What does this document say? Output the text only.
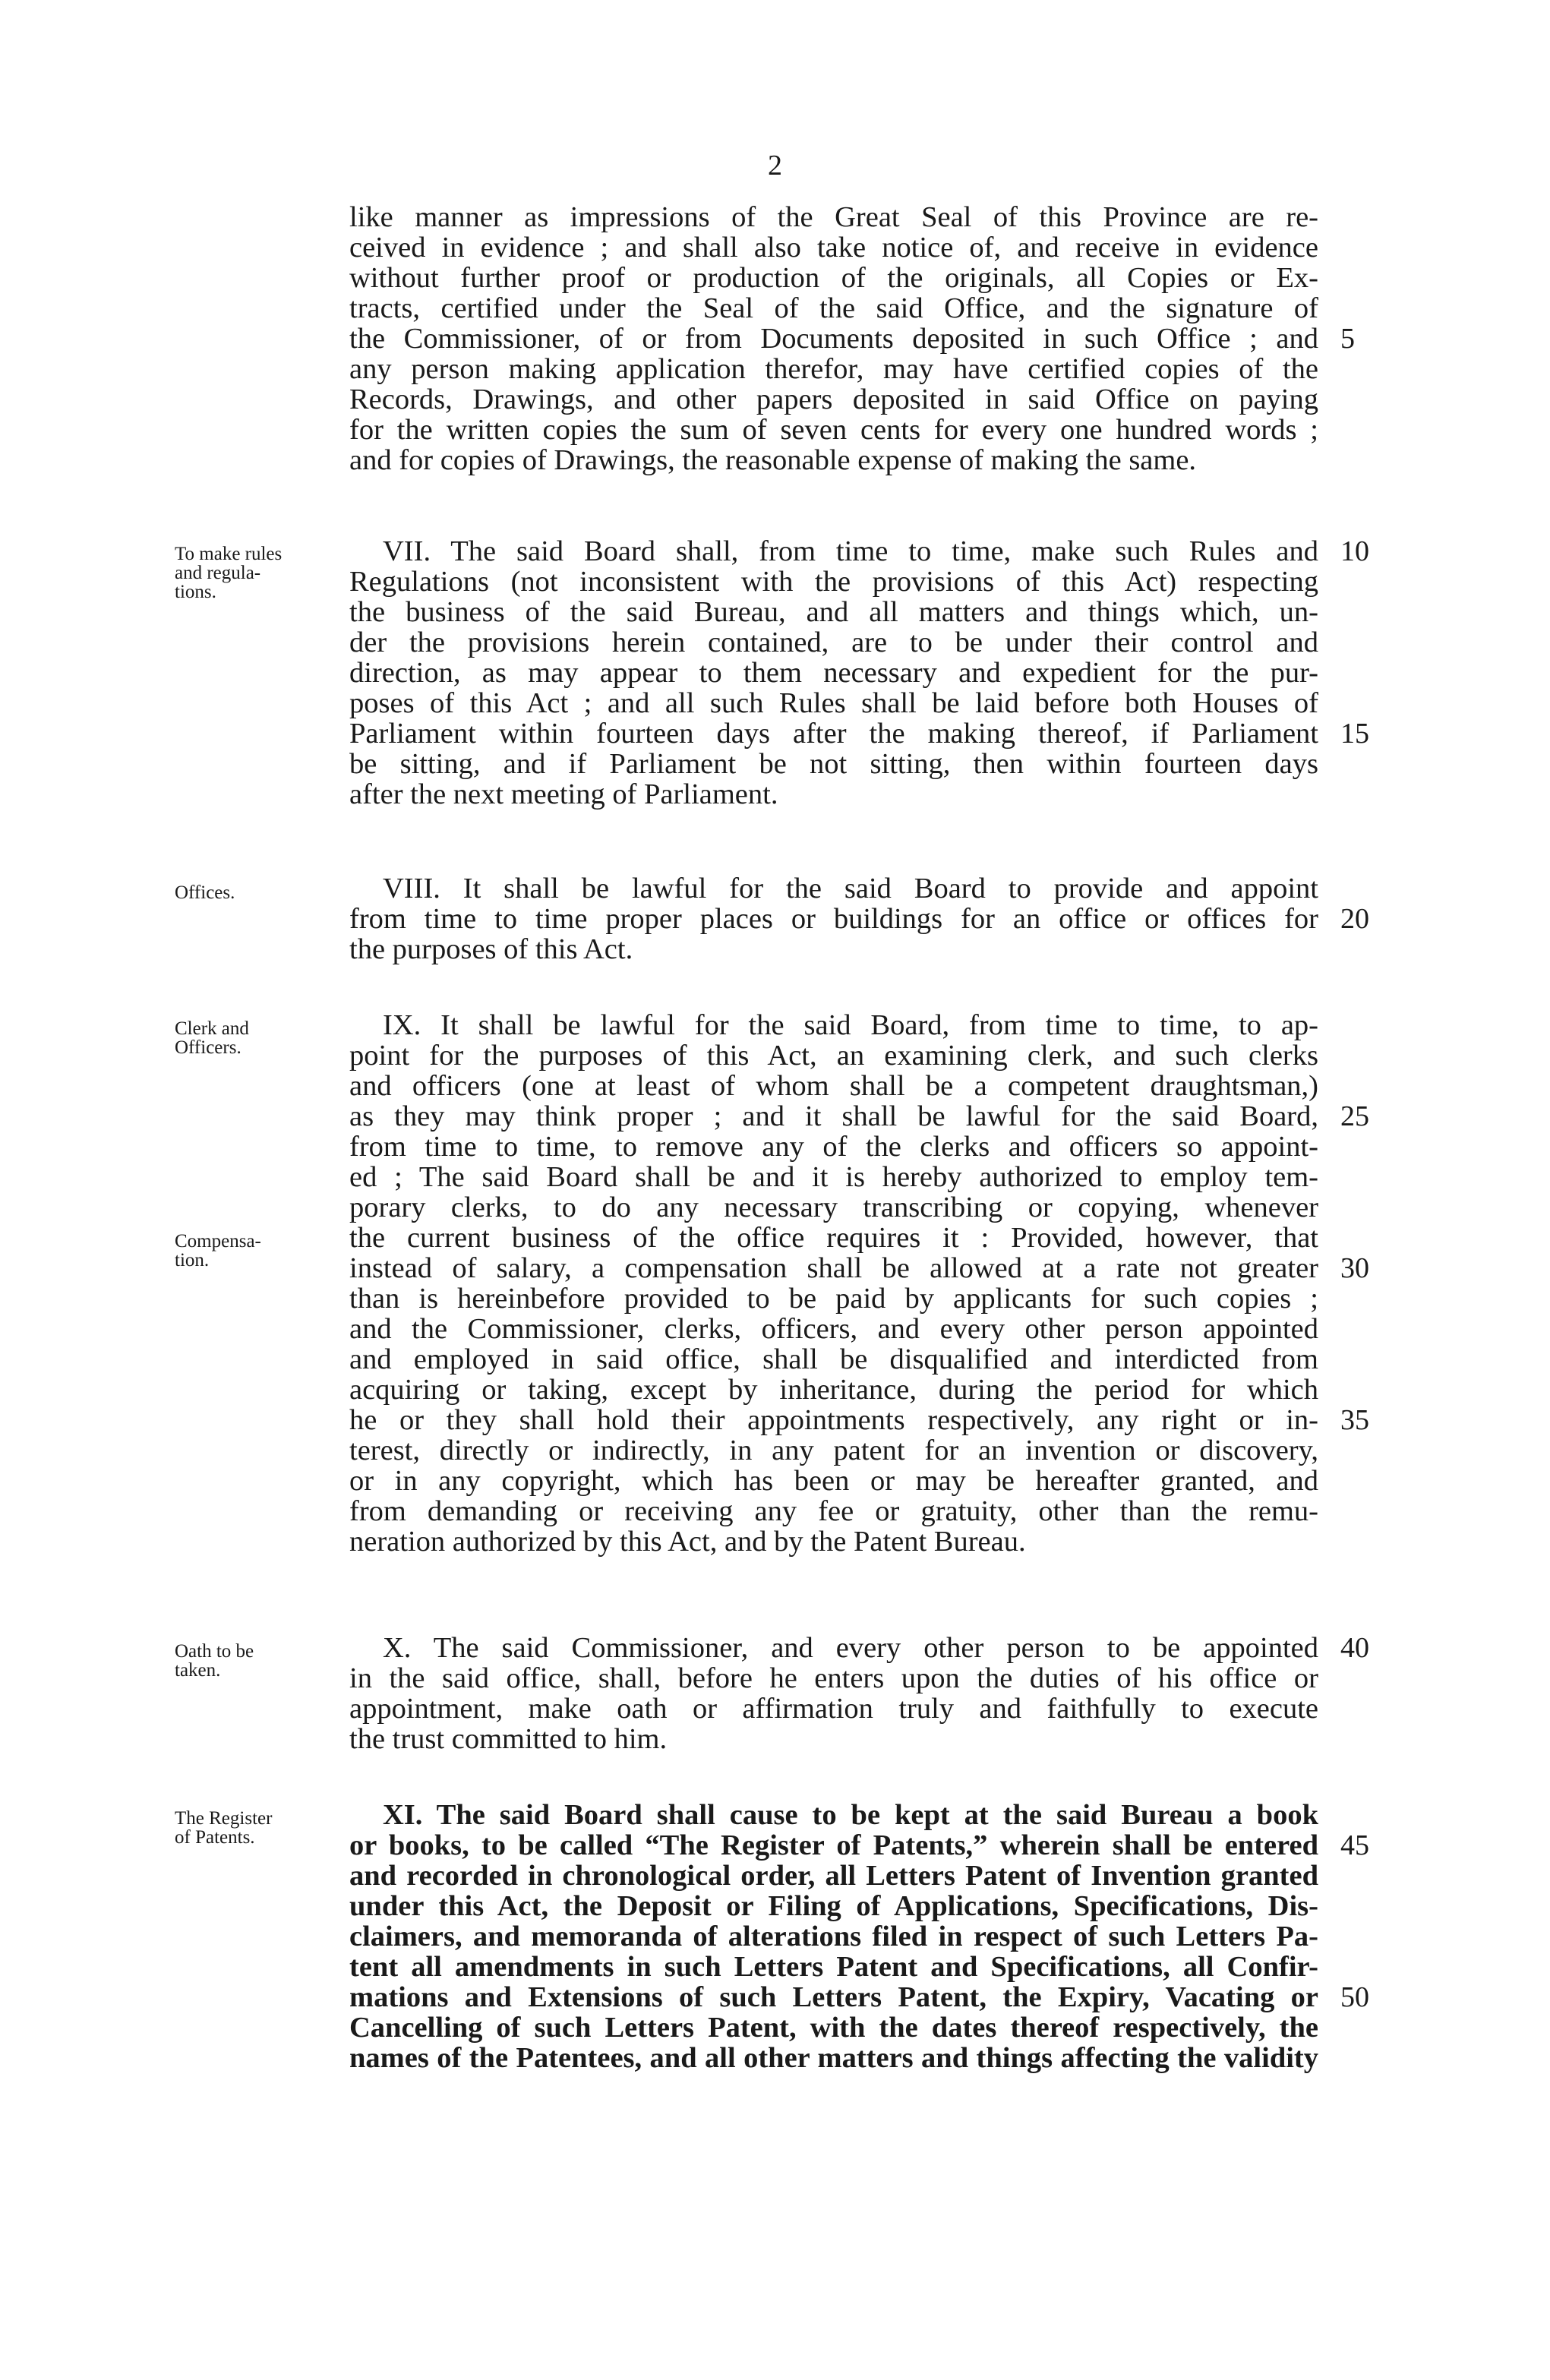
2
like manner as impressions of the Great Seal of this Province are re-
ceived in evidence ; and shall also take notice of, and receive in evidence
without further proof or production of the originals, all Copies or Ex-
tracts, certified under the Seal of the said Office, and the signature of
the Commissioner, of or from Documents deposited in such Office ; and
any person making application therefor, may have certified copies of the
Records, Drawings, and other papers deposited in said Office on paying
for the written copies the sum of seven cents for every one hundred words ;
and for copies of Drawings, the reasonable expense of making the same.
VII. The said Board shall, from time to time, make such Rules and
Regulations (not inconsistent with the provisions of this Act) respecting
the business of the said Bureau, and all matters and things which, un-
der the provisions herein contained, are to be under their control and
direction, as may appear to them necessary and expedient for the pur-
poses of this Act ; and all such Rules shall be laid before both Houses of
Parliament within fourteen days after the making thereof, if Parliament
be sitting, and if Parliament be not sitting, then within fourteen days
after the next meeting of Parliament.
VIII. It shall be lawful for the said Board to provide and appoint
from time to time proper places or buildings for an office or offices for
the purposes of this Act.
IX. It shall be lawful for the said Board, from time to time, to ap-
point for the purposes of this Act, an examining clerk, and such clerks
and officers (one at least of whom shall be a competent draughtsman,)
as they may think proper ; and it shall be lawful for the said Board,
from time to time, to remove any of the clerks and officers so appoint-
ed ; The said Board shall be and it is hereby authorized to employ tem-
porary clerks, to do any necessary transcribing or copying, whenever
the current business of the office requires it : Provided, however, that
instead of salary, a compensation shall be allowed at a rate not greater
than is hereinbefore provided to be paid by applicants for such copies ;
and the Commissioner, clerks, officers, and every other person appointed
and employed in said office, shall be disqualified and interdicted from
acquiring or taking, except by inheritance, during the period for which
he or they shall hold their appointments respectively, any right or in-
terest, directly or indirectly, in any patent for an invention or discovery,
or in any copyright, which has been or may be hereafter granted, and
from demanding or receiving any fee or gratuity, other than the remu-
neration authorized by this Act, and by the Patent Bureau.
X. The said Commissioner, and every other person to be appointed
in the said office, shall, before he enters upon the duties of his office or
appointment, make oath or affirmation truly and faithfully to execute
the trust committed to him.
XI. The said Board shall cause to be kept at the said Bureau a book
or books, to be called “The Register of Patents,” wherein shall be entered
and recorded in chronological order, all Letters Patent of Invention granted
under this Act, the Deposit or Filing of Applications, Specifications, Dis-
claimers, and memoranda of alterations filed in respect of such Letters Pa-
tent all amendments in such Letters Patent and Specifications, all Confir-
mations and Extensions of such Letters Patent, the Expiry, Vacating or
Cancelling of such Letters Patent, with the dates thereof respectively, the
names of the Patentees, and all other matters and things affecting the validity
To make rules
and regula-
tions.
Offices.
Clerk and
Officers.
Compensa-
tion.
Oath to be
taken.
The Register
of Patents.
5
10
15
20
25
30
35
40
45
50
